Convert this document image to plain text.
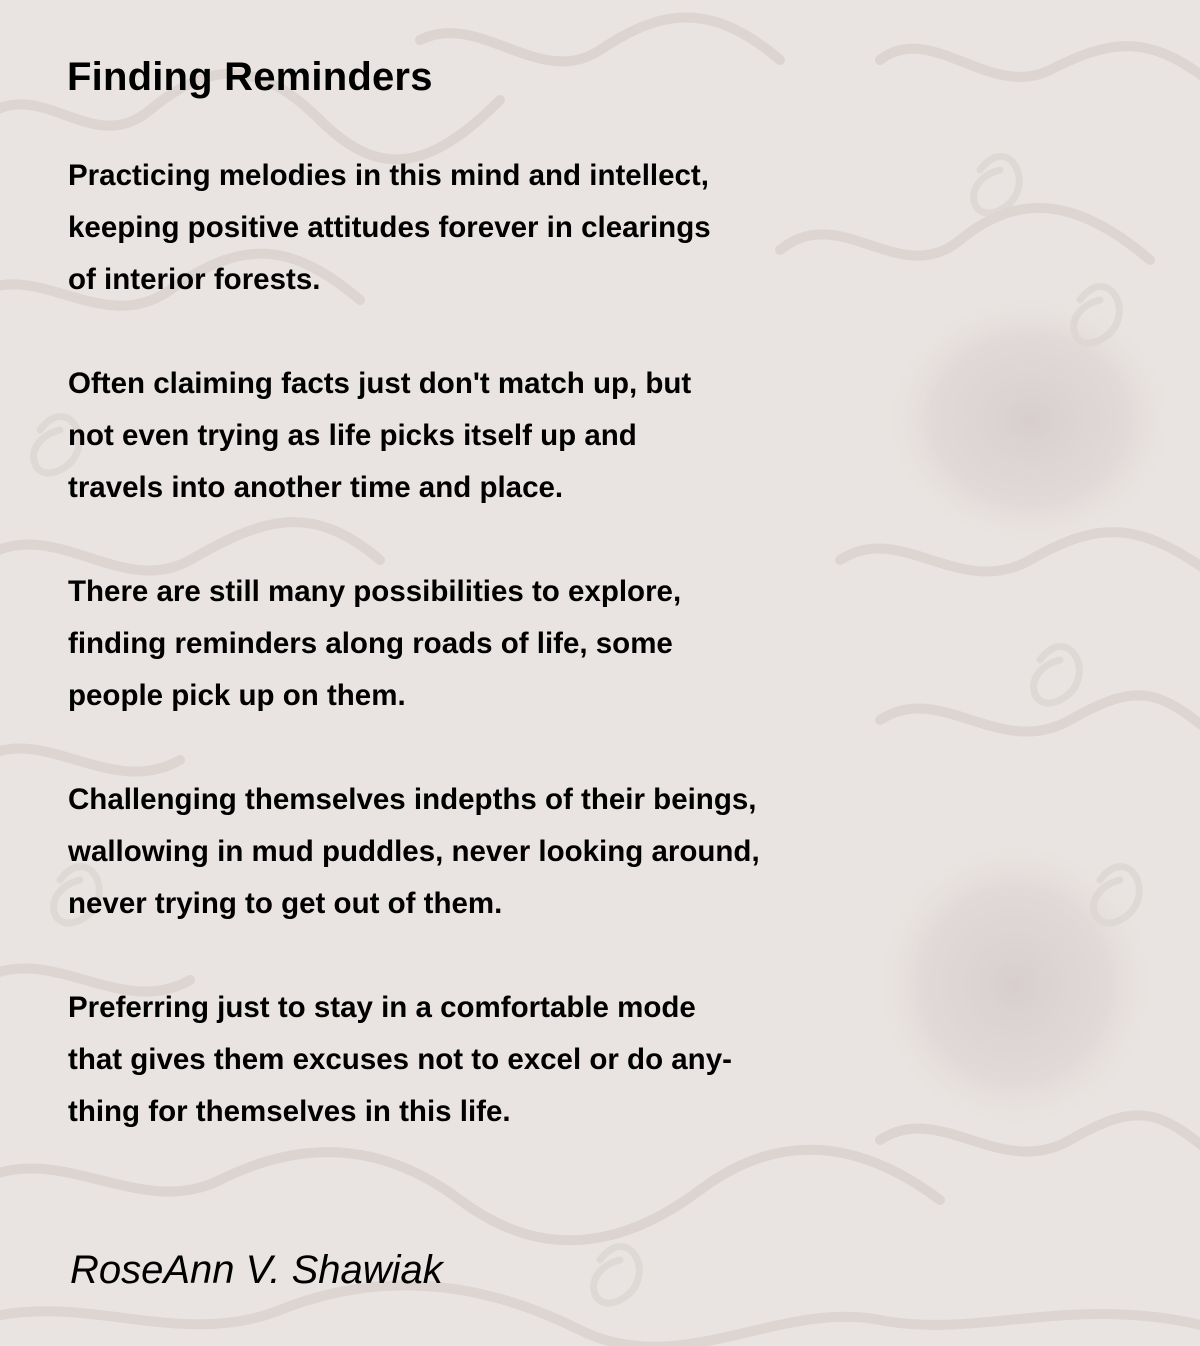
Finding Reminders

Practicing melodies in this mind and intellect,
keeping positive attitudes forever in clearings
of interior forests.

Often claiming facts just don't match up, but
not even trying as life picks itself up and
travels into another time and place.

There are still many possibilities to explore,
finding reminders along roads of life, some
people pick up on them.

Challenging themselves indepths of their beings,
wallowing in mud puddles, never looking around,
never trying to get out of them.

Preferring just to stay in a comfortable mode
that gives them excuses not to excel or do any-
thing for themselves in this life.

RoseAnn V. Shawiak
